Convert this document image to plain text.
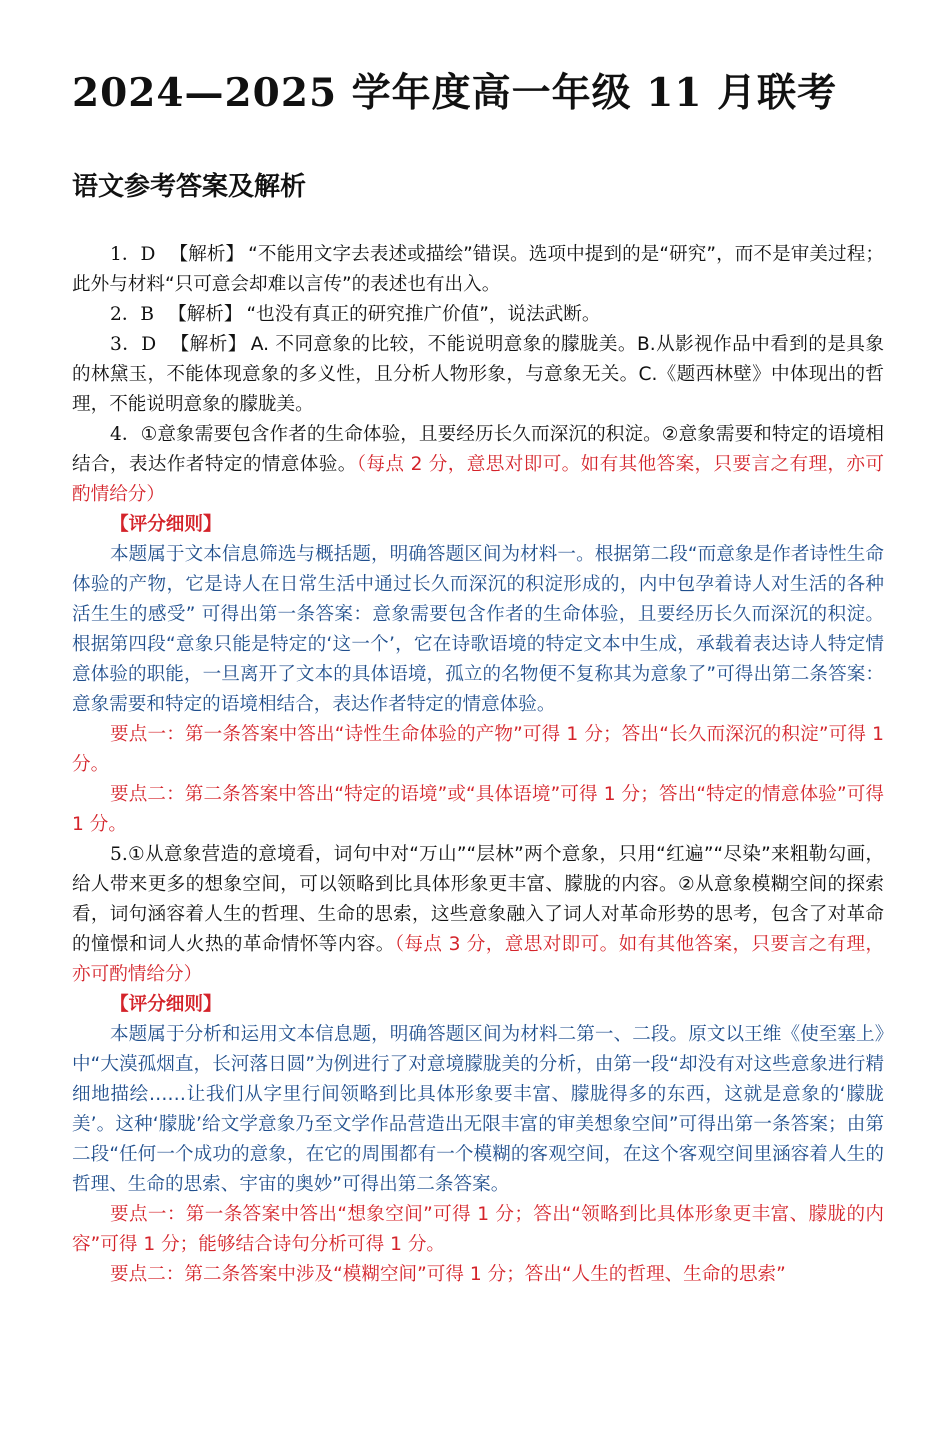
2024—2025 学年度高一年级 11 月联考
语文参考答案及解析

1．D 【解析】 “不能用文字去表述或描绘”错误。选项中提到的是“研究”，而不是审美过程；此外与材料“只可意会却难以言传”的表述也有出入。

2．B 【解析】 “也没有真正的研究推广价值”，说法武断。

3．D 【解析】 A. 不同意象的比较，不能说明意象的朦胧美。B.从影视作品中看到的是具象的林黛玉，不能体现意象的多义性，且分析人物形象，与意象无关。C.《题西林壁》中体现出的哲理，不能说明意象的朦胧美。

4．①意象需要包含作者的生命体验，且要经历长久而深沉的积淀。②意象需要和特定的语境相结合，表达作者特定的情意体验。（每点 2 分，意思对即可。如有其他答案，只要言之有理，亦可酌情给分）

【评分细则】

本题属于文本信息筛选与概括题，明确答题区间为材料一。根据第二段“而意象是作者诗性生命体验的产物，它是诗人在日常生活中通过长久而深沉的积淀形成的，内中包孕着诗人对生活的各种活生生的感受” 可得出第一条答案：意象需要包含作者的生命体验，且要经历长久而深沉的积淀。根据第四段“意象只能是特定的‘这一个’，它在诗歌语境的特定文本中生成，承载着表达诗人特定情意体验的职能，一旦离开了文本的具体语境，孤立的名物便不复称其为意象了”可得出第二条答案：意象需要和特定的语境相结合，表达作者特定的情意体验。

要点一：第一条答案中答出“诗性生命体验的产物”可得 1 分；答出“长久而深沉的积淀”可得 1 分。

要点二：第二条答案中答出“特定的语境”或“具体语境”可得 1 分；答出“特定的情意体验”可得 1 分。

5.①从意象营造的意境看，词句中对“万山”“层林”两个意象，只用“红遍”“尽染”来粗勒勾画，给人带来更多的想象空间，可以领略到比具体形象更丰富、朦胧的内容。②从意象模糊空间的探索看，词句涵容着人生的哲理、生命的思索，这些意象融入了词人对革命形势的思考，包含了对革命的憧憬和词人火热的革命情怀等内容。（每点 3 分，意思对即可。如有其他答案，只要言之有理，亦可酌情给分）

【评分细则】

本题属于分析和运用文本信息题，明确答题区间为材料二第一、二段。原文以王维《使至塞上》中“大漠孤烟直，长河落日圆”为例进行了对意境朦胧美的分析，由第一段“却没有对这些意象进行精细地描绘……让我们从字里行间领略到比具体形象要丰富、朦胧得多的东西，这就是意象的‘朦胧美’。这种‘朦胧’给文学意象乃至文学作品营造出无限丰富的审美想象空间”可得出第一条答案；由第二段“任何一个成功的意象，在它的周围都有一个模糊的客观空间，在这个客观空间里涵容着人生的哲理、生命的思索、宇宙的奥妙”可得出第二条答案。

要点一：第一条答案中答出“想象空间”可得 1 分；答出“领略到比具体形象更丰富、朦胧的内容”可得 1 分；能够结合诗句分析可得 1 分。

要点二：第二条答案中涉及“模糊空间”可得 1 分；答出“人生的哲理、生命的思索”
